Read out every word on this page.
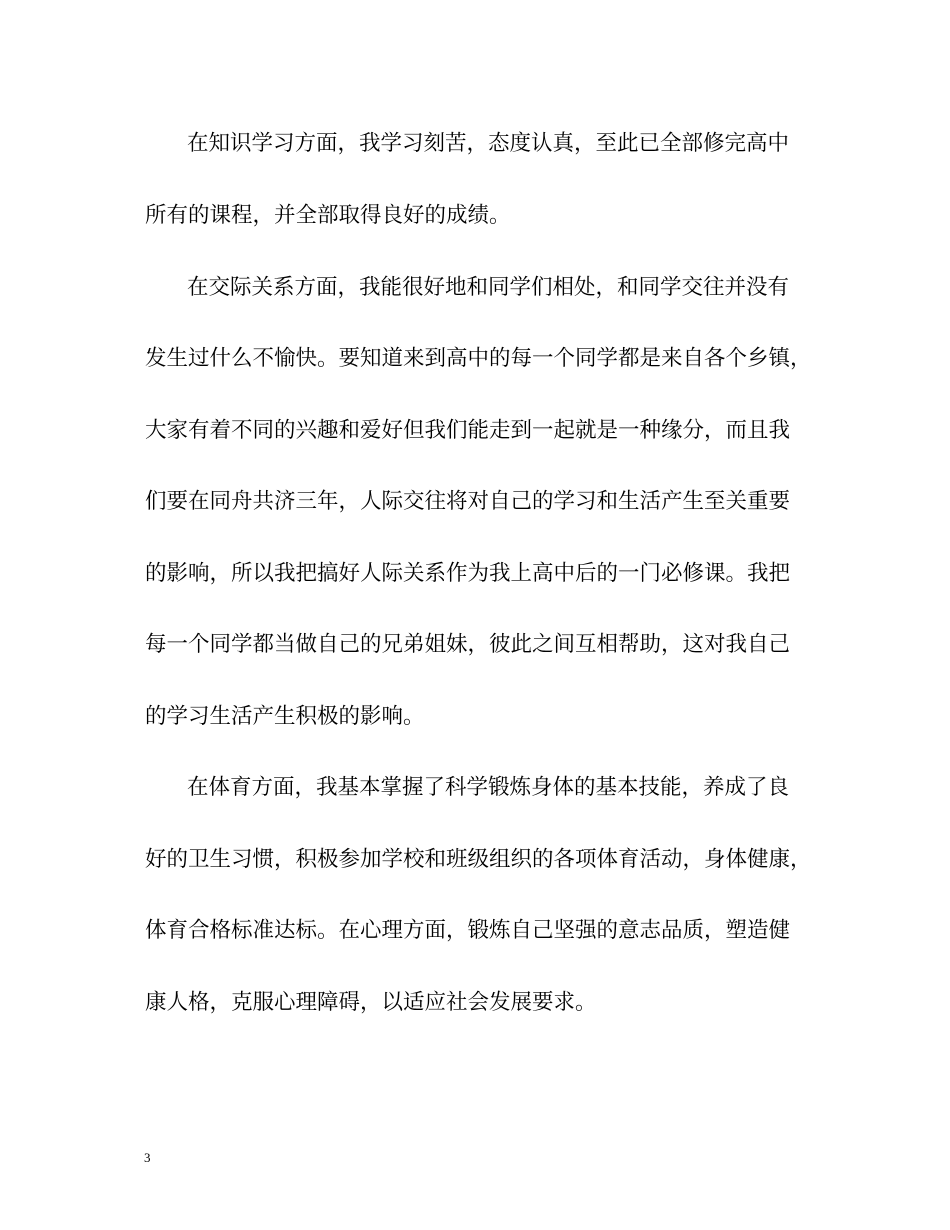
在知识学习方面，我学习刻苦，态度认真，至此已全部修完高中
所有的课程，并全部取得良好的成绩。
在交际关系方面，我能很好地和同学们相处，和同学交往并没有
发生过什么不愉快。要知道来到高中的每一个同学都是来自各个乡镇，
大家有着不同的兴趣和爱好但我们能走到一起就是一种缘分，而且我
们要在同舟共济三年，人际交往将对自己的学习和生活产生至关重要
的影响，所以我把搞好人际关系作为我上高中后的一门必修课。我把
每一个同学都当做自己的兄弟姐妹，彼此之间互相帮助，这对我自己
的学习生活产生积极的影响。
在体育方面，我基本掌握了科学锻炼身体的基本技能，养成了良
好的卫生习惯，积极参加学校和班级组织的各项体育活动，身体健康，
体育合格标准达标。在心理方面，锻炼自己坚强的意志品质，塑造健
康人格，克服心理障碍，以适应社会发展要求。
3
